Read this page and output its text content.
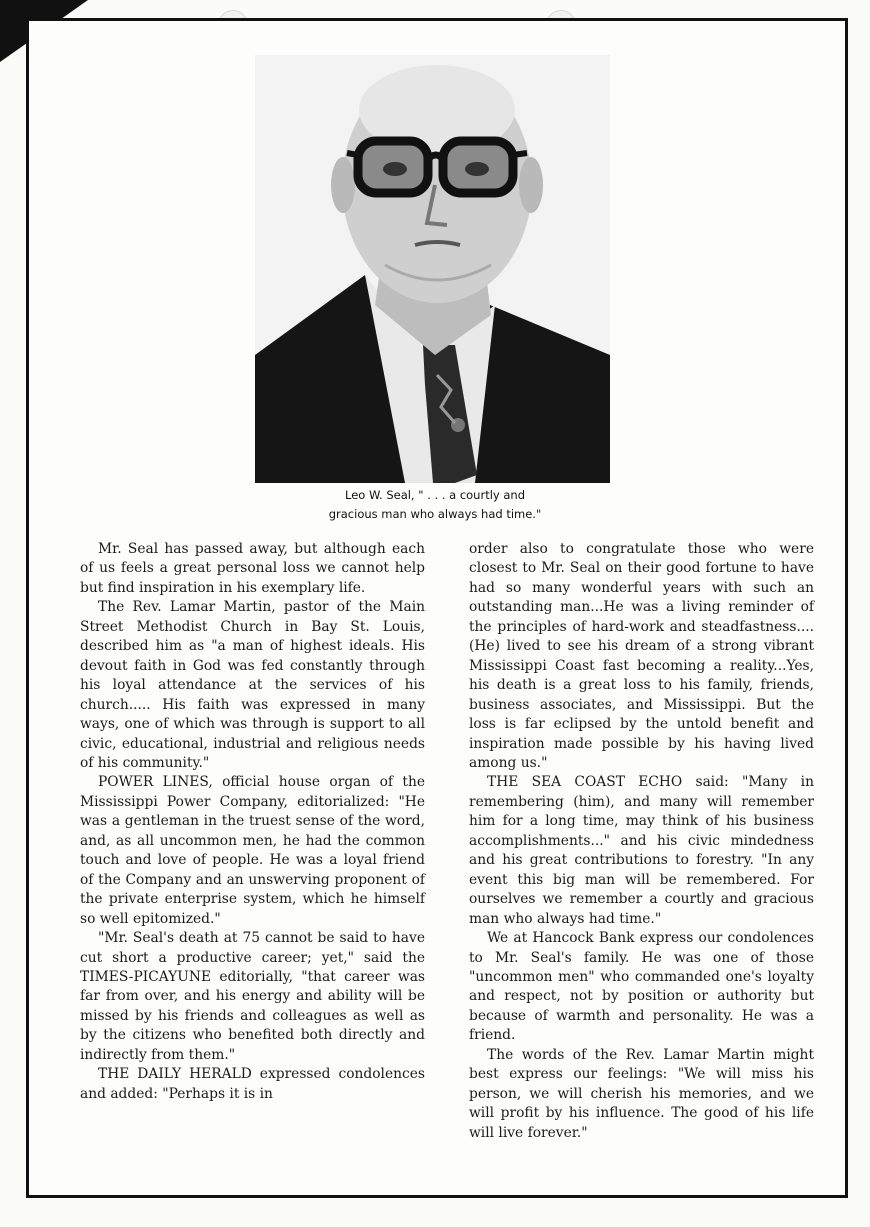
Leo W. Seal, " . . . a courtly and
gracious man who always had time."

Mr. Seal has passed away, but although each of us feels a great personal loss we cannot help but find inspiration in his exemplary life.

The Rev. Lamar Martin, pastor of the Main Street Methodist Church in Bay St. Louis, described him as "a man of highest ideals. His devout faith in God was fed constantly through his loyal attendance at the services of his church..... His faith was expressed in many ways, one of which was through is support to all civic, educational, industrial and religious needs of his community."

POWER LINES, official house organ of the Mississippi Power Company, editorialized: "He was a gentleman in the truest sense of the word, and, as all uncommon men, he had the common touch and love of people. He was a loyal friend of the Company and an unswerving proponent of the private enterprise system, which he himself so well epitomized."

"Mr. Seal's death at 75 cannot be said to have cut short a productive career; yet," said the TIMES-PICAYUNE editorially, "that career was far from over, and his energy and ability will be missed by his friends and colleagues as well as by the citizens who benefited both directly and indirectly from them."

THE DAILY HERALD expressed condolences and added: "Perhaps it is in

order also to congratulate those who were closest to Mr. Seal on their good fortune to have had so many wonderful years with such an outstanding man...He was a living reminder of the principles of hard-work and steadfastness....(He) lived to see his dream of a strong vibrant Mississippi Coast fast becoming a reality...Yes, his death is a great loss to his family, friends, business associates, and Mississippi. But the loss is far eclipsed by the untold benefit and inspiration made possible by his having lived among us."

THE SEA COAST ECHO said: "Many in remembering (him), and many will remember him for a long time, may think of his business accomplishments..." and his civic mindedness and his great contributions to forestry. "In any event this big man will be remembered. For ourselves we remember a courtly and gracious man who always had time."

We at Hancock Bank express our condolences to Mr. Seal's family. He was one of those "uncommon men" who commanded one's loyalty and respect, not by position or authority but because of warmth and personality. He was a friend.

The words of the Rev. Lamar Martin might best express our feelings: "We will miss his person, we will cherish his memories, and we will profit by his influence. The good of his life will live forever."
